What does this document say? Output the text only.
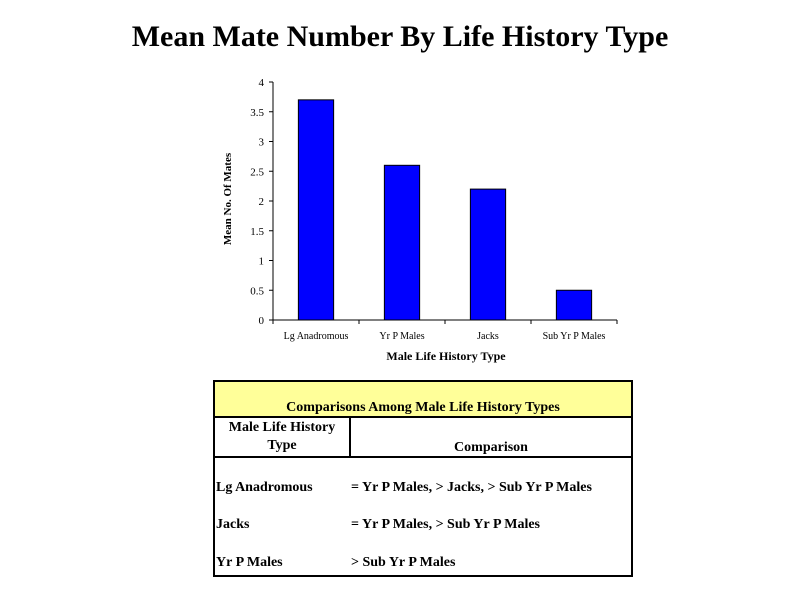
Mean Mate Number By Life History Type
0
0.5
1
1.5
2
2.5
3
3.5
4
Lg Anadromous	Yr P Males	Jacks	Sub Yr P Males
Male Life History Type
Mean No. Of Mates
Comparisons Among Male Life History Types
Male Life History Type	Comparison
Lg Anadromous	= Yr P Males, > Jacks, > Sub Yr P Males
Jacks	= Yr P Males, > Sub Yr P Males
Yr P Males	> Sub Yr P Males
